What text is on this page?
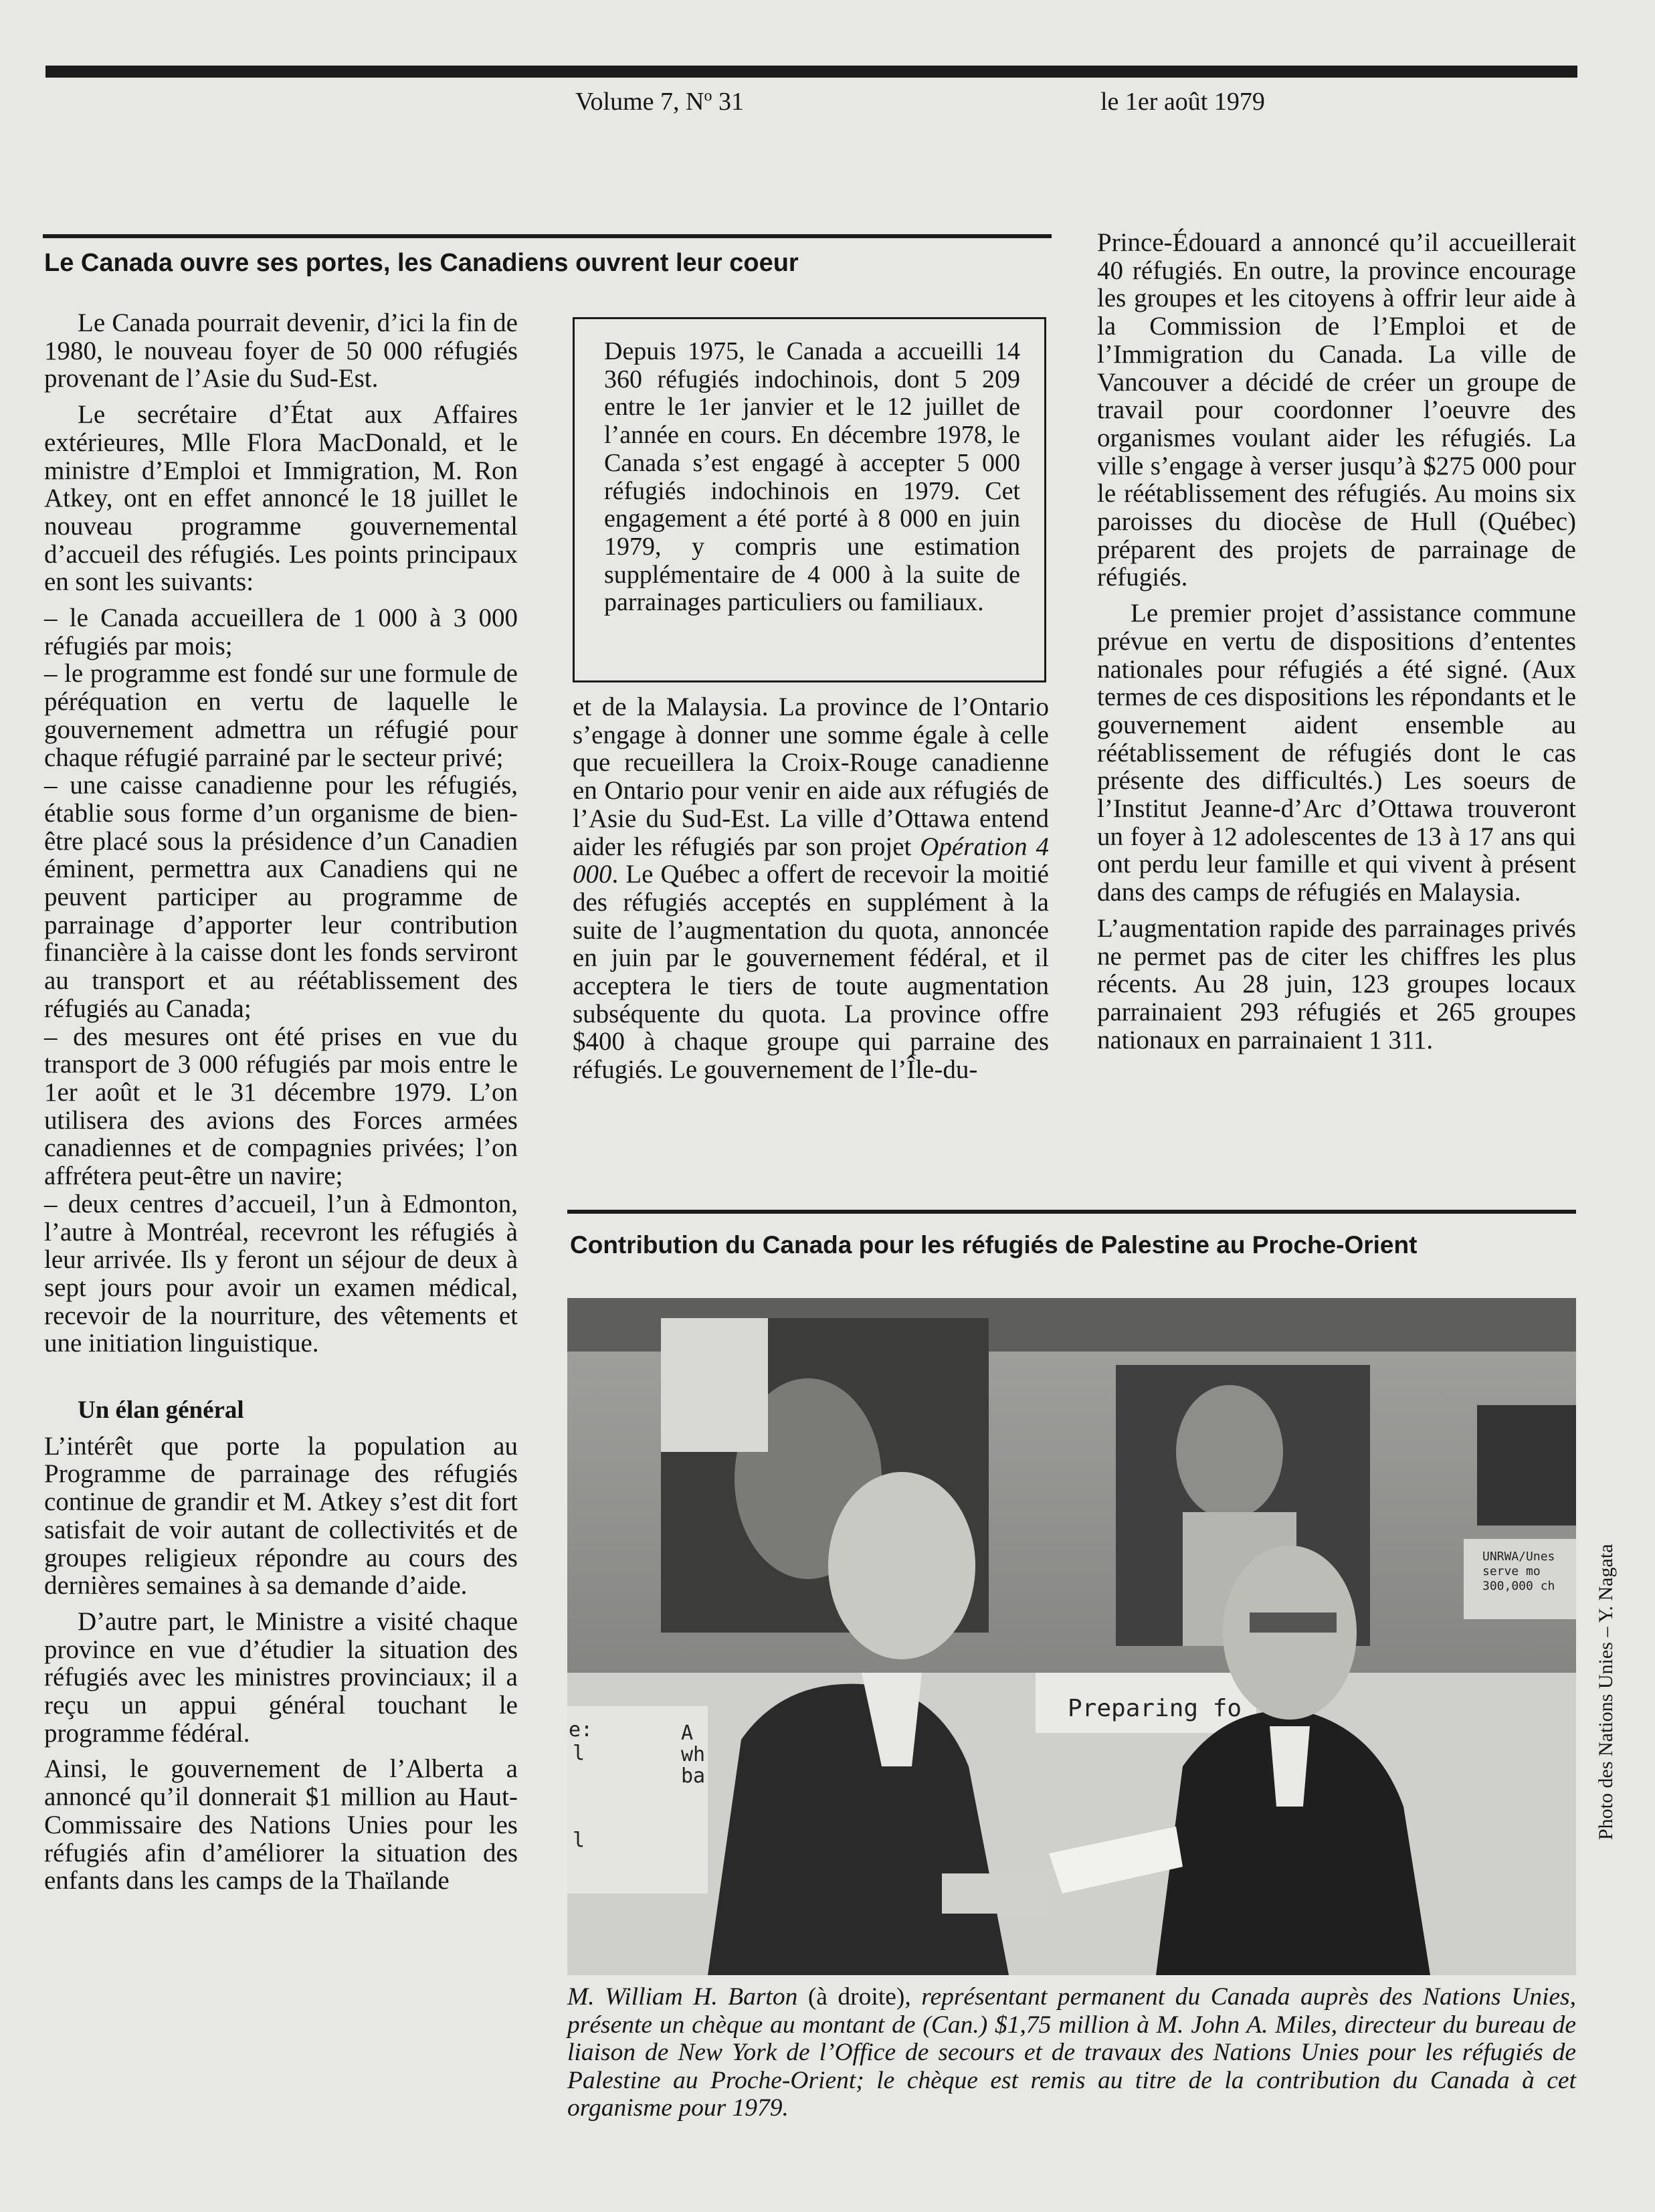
Volume 7, $N^o$ 31	le 1er août 1979
Le Canada ouvre ses portes, les Canadiens ouvrent leur coeur

Le Canada pourrait devenir, d’ici la fin de 1980, le nouveau foyer de 50 000 réfugiés provenant de l’Asie du Sud-Est.

Le secrétaire d’État aux Affaires extérieures, Mlle Flora MacDonald, et le ministre d’Emploi et Immigration, M. Ron Atkey, ont en effet annoncé le 18 juillet le nouveau programme gouvernemental d’accueil des réfugiés. Les points principaux en sont les suivants:

– le Canada accueillera de 1 000 à 3 000 réfugiés par mois;
– le programme est fondé sur une formule de péréquation en vertu de laquelle le gouvernement admettra un réfugié pour chaque réfugié parrainé par le secteur privé;
– une caisse canadienne pour les réfugiés, établie sous forme d’un organisme de bien-être placé sous la présidence d’un Canadien éminent, permettra aux Canadiens qui ne peuvent participer au programme de parrainage d’apporter leur contribution financière à la caisse dont les fonds serviront au transport et au réétablissement des réfugiés au Canada;
– des mesures ont été prises en vue du transport de 3 000 réfugiés par mois entre le 1er août et le 31 décembre 1979. L’on utilisera des avions des Forces armées canadiennes et de compagnies privées; l’on affrétera peut-être un navire;
– deux centres d’accueil, l’un à Edmonton, l’autre à Montréal, recevront les réfugiés à leur arrivée. Ils y feront un séjour de deux à sept jours pour avoir un examen médical, recevoir de la nourriture, des vêtements et une initiation linguistique.

Un élan général

L’intérêt que porte la population au Programme de parrainage des réfugiés continue de grandir et M. Atkey s’est dit fort satisfait de voir autant de collectivités et de groupes religieux répondre au cours des dernières semaines à sa demande d’aide.

D’autre part, le Ministre a visité chaque province en vue d’étudier la situation des réfugiés avec les ministres provinciaux; il a reçu un appui général touchant le programme fédéral.

Ainsi, le gouvernement de l’Alberta a annoncé qu’il donnerait $1 million au Haut-Commissaire des Nations Unies pour les réfugiés afin d’améliorer la situation des enfants dans les camps de la Thaïlande

Depuis 1975, le Canada a accueilli 14 360 réfugiés indochinois, dont 5 209 entre le 1er janvier et le 12 juillet de l’année en cours. En décembre 1978, le Canada s’est engagé à accepter 5 000 réfugiés indochinois en 1979. Cet engagement a été porté à 8 000 en juin 1979, y compris une estimation supplémentaire de 4 000 à la suite de parrainages particuliers ou familiaux.

et de la Malaysia. La province de l’Ontario s’engage à donner une somme égale à celle que recueillera la Croix-Rouge canadienne en Ontario pour venir en aide aux réfugiés de l’Asie du Sud-Est. La ville d’Ottawa entend aider les réfugiés par son projet Opération 4 000. Le Québec a offert de recevoir la moitié des réfugiés acceptés en supplément à la suite de l’augmentation du quota, annoncée en juin par le gouvernement fédéral, et il acceptera le tiers de toute augmentation subséquente du quota. La province offre $400 à chaque groupe qui parraine des réfugiés. Le gouvernement de l’Île-du-

Prince-Édouard a annoncé qu’il accueillerait 40 réfugiés. En outre, la province encourage les groupes et les citoyens à offrir leur aide à la Commission de l’Emploi et de l’Immigration du Canada. La ville de Vancouver a décidé de créer un groupe de travail pour coordonner l’oeuvre des organismes voulant aider les réfugiés. La ville s’engage à verser jusqu’à $275 000 pour le réétablissement des réfugiés. Au moins six paroisses du diocèse de Hull (Québec) préparent des projets de parrainage de réfugiés.

Le premier projet d’assistance commune prévue en vertu de dispositions d’ententes nationales pour réfugiés a été signé. (Aux termes de ces dispositions les répondants et le gouvernement aident ensemble au réétablissement de réfugiés dont le cas présente des difficultés.) Les soeurs de l’Institut Jeanne-d’Arc d’Ottawa trouveront un foyer à 12 adolescentes de 13 à 17 ans qui ont perdu leur famille et qui vivent à présent dans des camps de réfugiés en Malaysia.

L’augmentation rapide des parrainages privés ne permet pas de citer les chiffres les plus récents. Au 28 juin, 123 groupes locaux parrainaient 293 réfugiés et 265 groupes nationaux en parrainaient 1 311.

Contribution du Canada pour les réfugiés de Palestine au Proche-Orient
Preparing fo
UNRWA/Unes
serve mo
300,000 ch
A
wh
ba
e:
l
l
Photo des Nations Unies – Y. Nagata
M. William H. Barton (à droite), représentant permanent du Canada auprès des Nations Unies, présente un chèque au montant de (Can.) $1,75 million à M. John A. Miles, directeur du bureau de liaison de New York de l’Office de secours et de travaux des Nations Unies pour les réfugiés de Palestine au Proche-Orient; le chèque est remis au titre de la contribution du Canada à cet organisme pour 1979.
